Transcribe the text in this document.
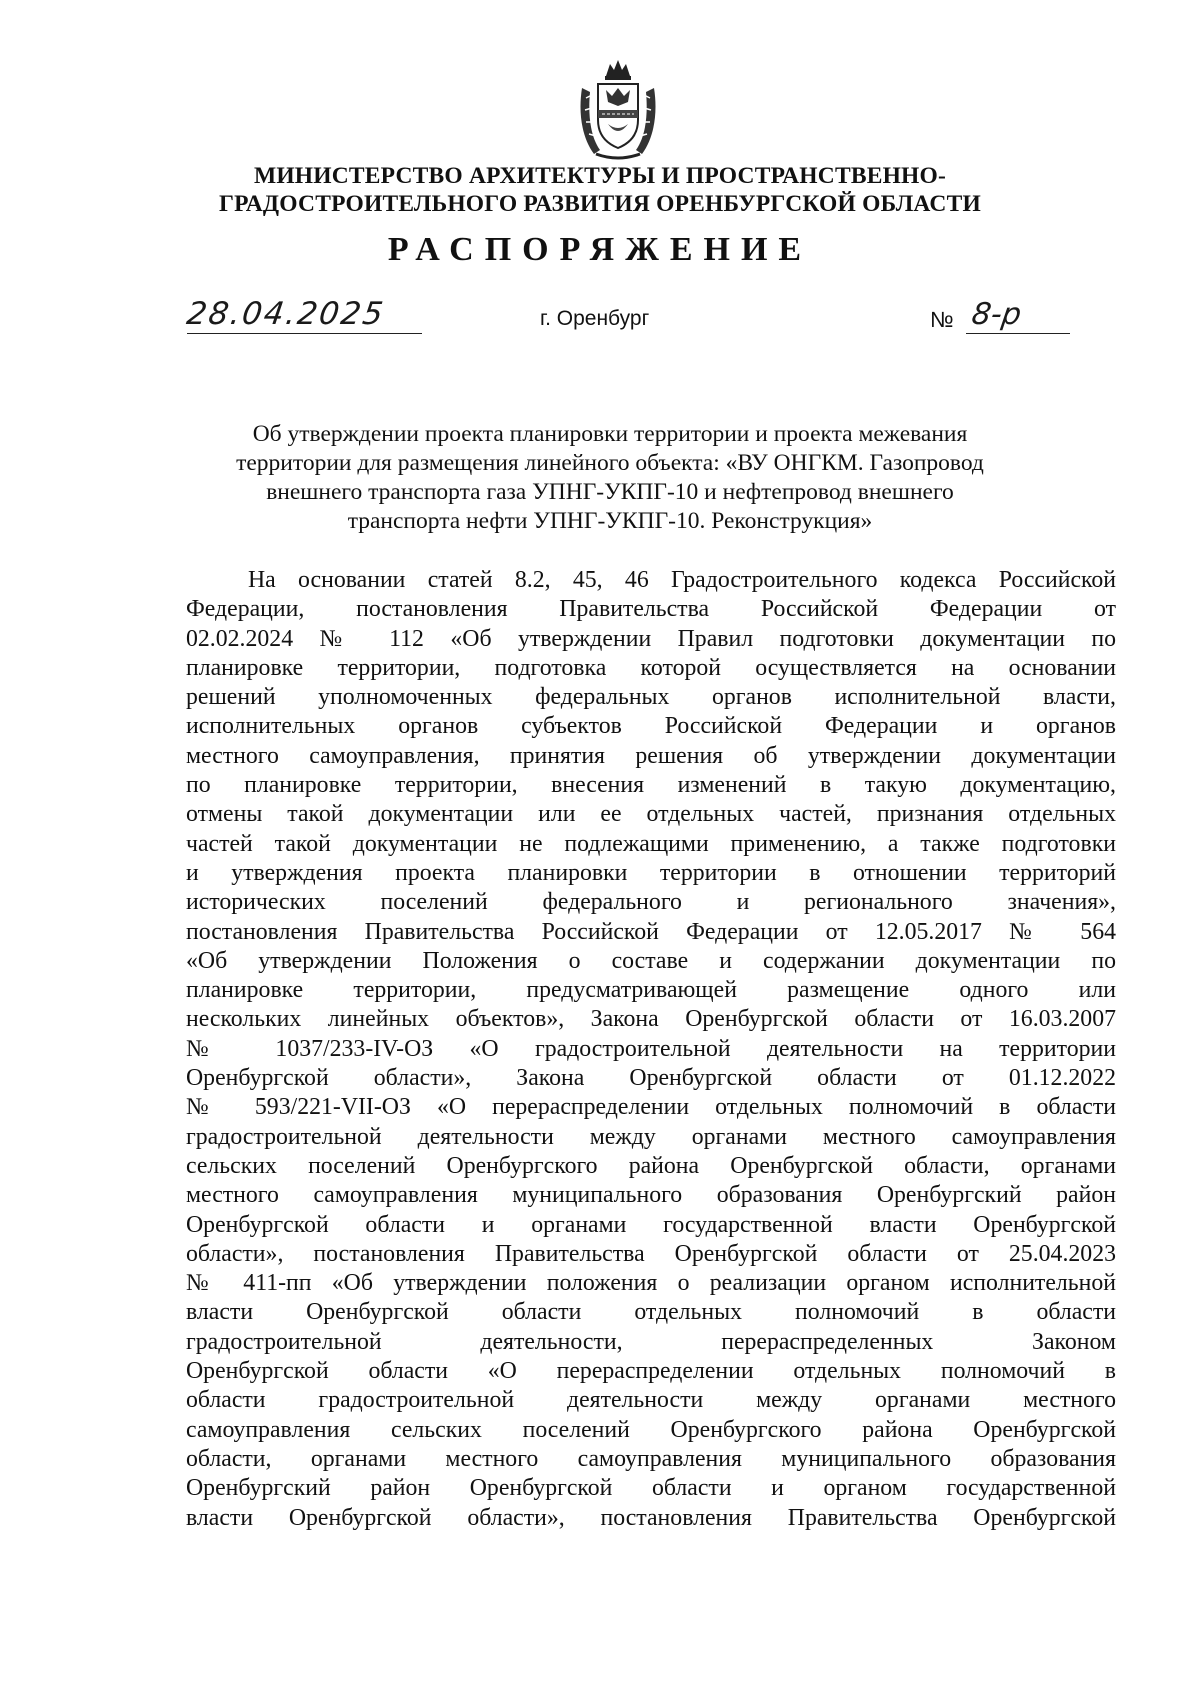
МИНИСТЕРСТВО АРХИТЕКТУРЫ И ПРОСТРАНСТВЕННО-
ГРАДОСТРОИТЕЛЬНОГО РАЗВИТИЯ ОРЕНБУРГСКОЙ ОБЛАСТИ
РАСПОРЯЖЕНИЕ
28.04.2025	г. Оренбург	№ 8-р
Об утверждении проекта планировки территории и проекта межевания
территории для размещения линейного объекта: «ВУ ОНГКМ. Газопровод
внешнего транспорта газа УПНГ-УКПГ-10 и нефтепровод внешнего
транспорта нефти УПНГ-УКПГ-10. Реконструкция»
На основании статей 8.2, 45, 46 Градостроительного кодекса Российской
Федерации, постановления Правительства Российской Федерации от
02.02.2024 № 112 «Об утверждении Правил подготовки документации по
планировке территории, подготовка которой осуществляется на основании
решений уполномоченных федеральных органов исполнительной власти,
исполнительных органов субъектов Российской Федерации и органов
местного самоуправления, принятия решения об утверждении документации
по планировке территории, внесения изменений в такую документацию,
отмены такой документации или ее отдельных частей, признания отдельных
частей такой документации не подлежащими применению, а также подготовки
и утверждения проекта планировки территории в отношении территорий
исторических поселений федерального и регионального значения»,
постановления Правительства Российской Федерации от 12.05.2017 № 564
«Об утверждении Положения о составе и содержании документации по
планировке территории, предусматривающей размещение одного или
нескольких линейных объектов», Закона Оренбургской области от 16.03.2007
№ 1037/233-IV-ОЗ «О градостроительной деятельности на территории
Оренбургской области», Закона Оренбургской области от 01.12.2022
№ 593/221-VII-ОЗ «О перераспределении отдельных полномочий в области
градостроительной деятельности между органами местного самоуправления
сельских поселений Оренбургского района Оренбургской области, органами
местного самоуправления муниципального образования Оренбургский район
Оренбургской области и органами государственной власти Оренбургской
области», постановления Правительства Оренбургской области от 25.04.2023
№ 411-пп «Об утверждении положения о реализации органом исполнительной
власти Оренбургской области отдельных полномочий в области
градостроительной деятельности, перераспределенных Законом
Оренбургской области «О перераспределении отдельных полномочий в
области градостроительной деятельности между органами местного
самоуправления сельских поселений Оренбургского района Оренбургской
области, органами местного самоуправления муниципального образования
Оренбургский район Оренбургской области и органом государственной
власти Оренбургской области», постановления Правительства Оренбургской
